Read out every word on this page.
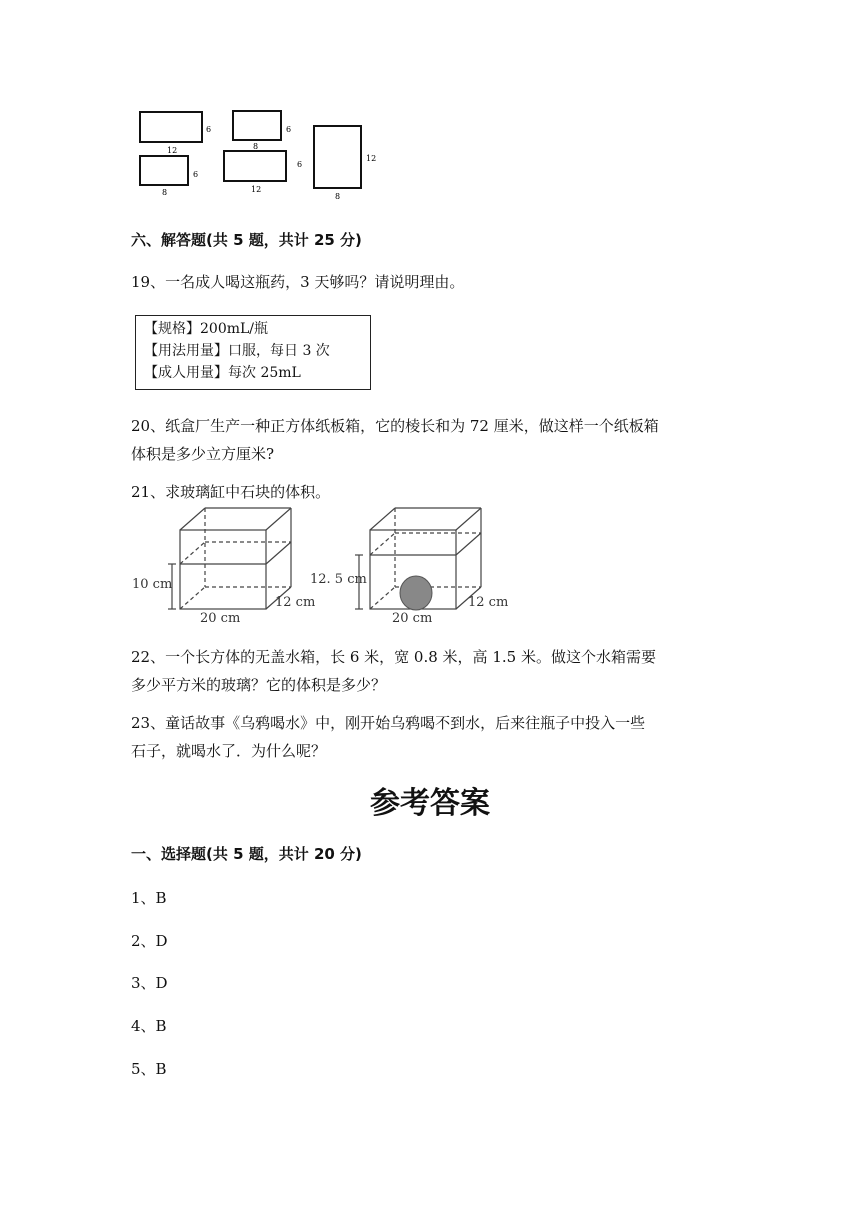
6
12
6
8
6
8
6
12
12
8
六、解答题(共 5 题，共计 25 分)
19、一名成人喝这瓶药，3 天够吗？请说明理由。
【规格】200mL/瓶
【用法用量】口服，每日 3 次
【成人用量】每次 25mL
20、纸盒厂生产一种正方体纸板箱，它的棱长和为 72 厘米，做这样一个纸板箱
体积是多少立方厘米?
21、求玻璃缸中石块的体积。
10 cm
20 cm
12 cm
12. 5 cm
20 cm
12 cm
22、一个长方体的无盖水箱，长 6 米，宽 0.8 米，高 1.5 米。做这个水箱需要
多少平方米的玻璃？它的体积是多少？
23、童话故事《乌鸦喝水》中，刚开始乌鸦喝不到水，后来往瓶子中投入一些
石子，就喝水了．为什么呢？
参考答案
一、选择题(共 5 题，共计 20 分)
1、B
2、D
3、D
4、B
5、B
